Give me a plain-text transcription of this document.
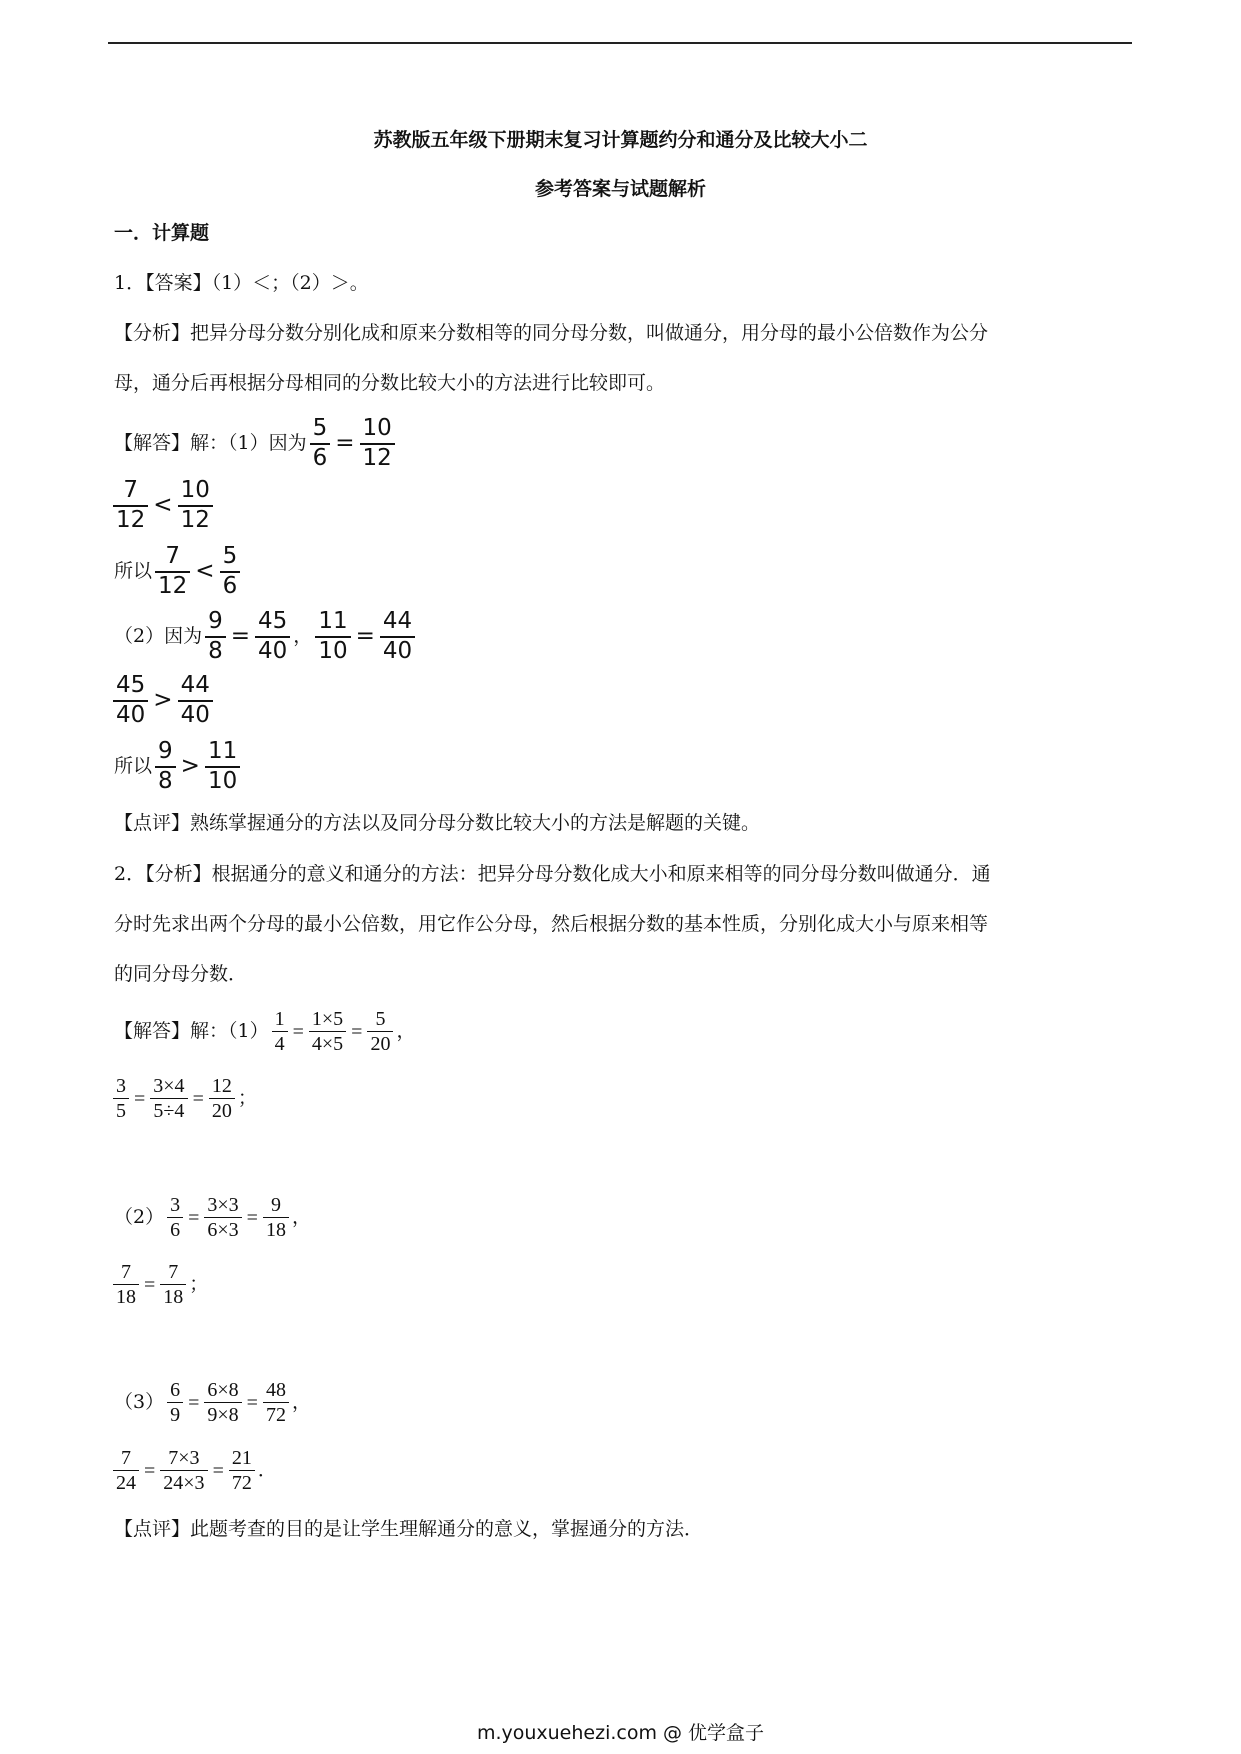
苏教版五年级下册期末复习计算题约分和通分及比较大小二
参考答案与试题解析
一．计算题
1．【答案】（1）＜；（2）＞。
【分析】把异分母分数分别化成和原来分数相等的同分母分数，叫做通分，用分母的最小公倍数作为公分
母，通分后再根据分母相同的分数比较大小的方法进行比较即可。
【解答】解：（1）因为 $\frac{5}{6} = \frac{10}{12}$
$\frac{7}{12} < \frac{10}{12}$
所以 $\frac{7}{12} < \frac{5}{6}$
（2）因为 $\frac{9}{8} = \frac{45}{40}$ ， $\frac{11}{10} = \frac{44}{40}$
$\frac{45}{40} > \frac{44}{40}$
所以 $\frac{9}{8} > \frac{11}{10}$
【点评】熟练掌握通分的方法以及同分母分数比较大小的方法是解题的关键。
2．【分析】根据通分的意义和通分的方法：把异分母分数化成大小和原来相等的同分母分数叫做通分．通
分时先求出两个分母的最小公倍数，用它作公分母，然后根据分数的基本性质，分别化成大小与原来相等
的同分母分数．
【解答】解：$(1) \frac{1}{4} = \frac{1\times 5}{4\times 5} = \frac{5}{20}$ ，
$\frac{3}{5} = \frac{3\times 4}{5\div 4} = \frac{12}{20}$ ；
$(2) \frac{3}{6} = \frac{3\times 3}{6\times 3} = \frac{9}{18}$ ，
$\frac{7}{18} = \frac{7}{18}$ ；
$(3) \frac{6}{9} = \frac{6\times 8}{9\times 8} = \frac{48}{72}$ ，
$\frac{7}{24} = \frac{7\times 3}{24\times 3} = \frac{21}{72}$ ．
【点评】此题考查的目的是让学生理解通分的意义，掌握通分的方法．
m.youxuehezi.com @ 优学盒子
